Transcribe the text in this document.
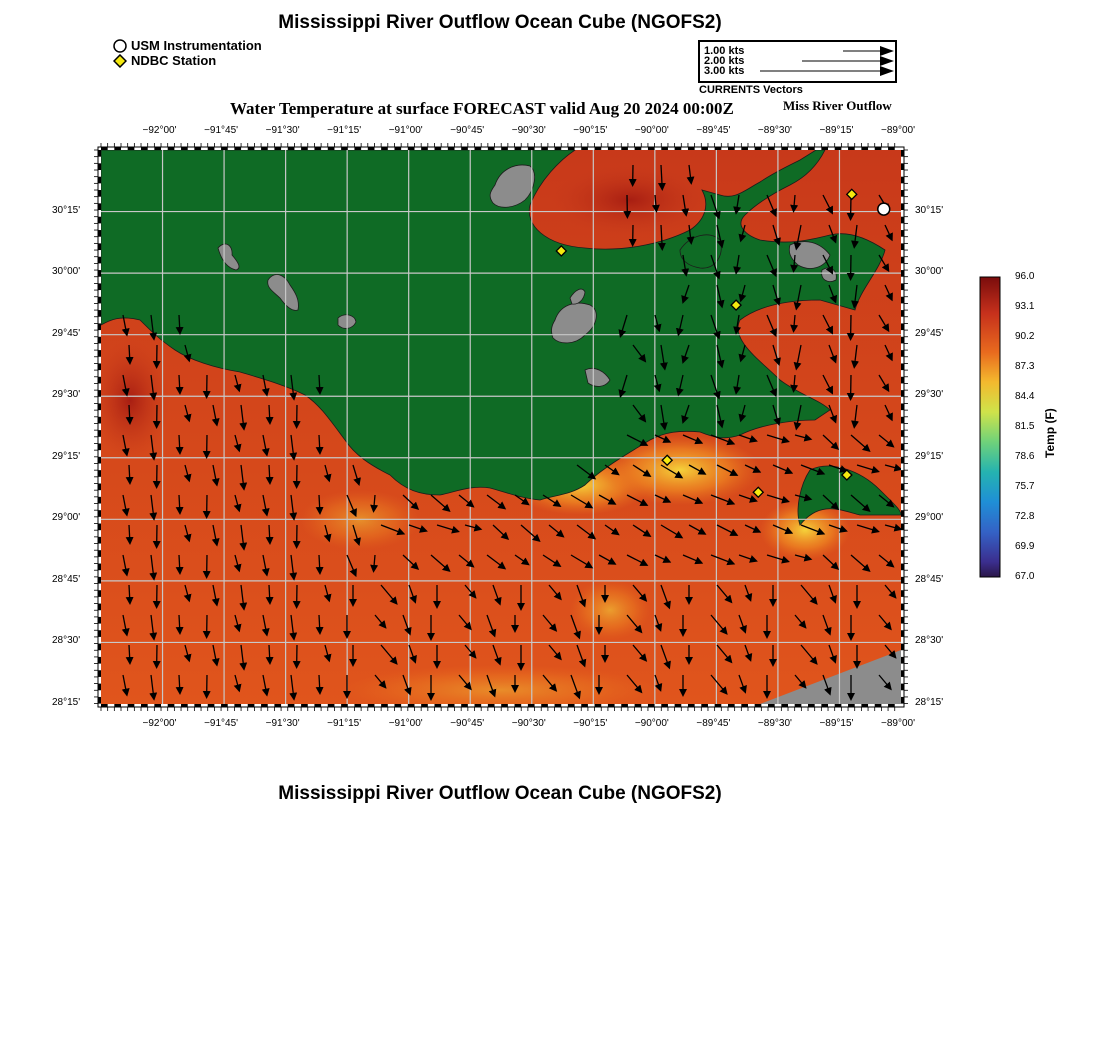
Mississippi River Outflow Ocean Cube (NGOFS2)
USM Instrumentation
NDBC Station
1.00 kts
2.00 kts
3.00 kts
CURRENTS Vectors
Water Temperature at surface FORECAST valid Aug 20 2024 00:00Z	Miss River Outflow
−92°00'	−91°45'	−91°30'	−91°15'	−91°00'	−90°45'	−90°30'	−90°15'	−90°00'	−89°45'	−89°30'	−89°15'	−89°00'
−92°00'	−91°45'	−91°30'	−91°15'	−91°00'	−90°45'	−90°30'	−90°15'	−90°00'	−89°45'	−89°30'	−89°15'	−89°00'
30°15'
30°00'
29°45'
29°30'
29°15'
29°00'
28°45'
28°30'
28°15'
30°15'
30°00'
29°45'
29°30'
29°15'
29°00'
28°45'
28°30'
28°15'
96.0
93.1
90.2
87.3
84.4
81.5
78.6
75.7
72.8
69.9
67.0
Temp (F)
Mississippi River Outflow Ocean Cube (NGOFS2)
